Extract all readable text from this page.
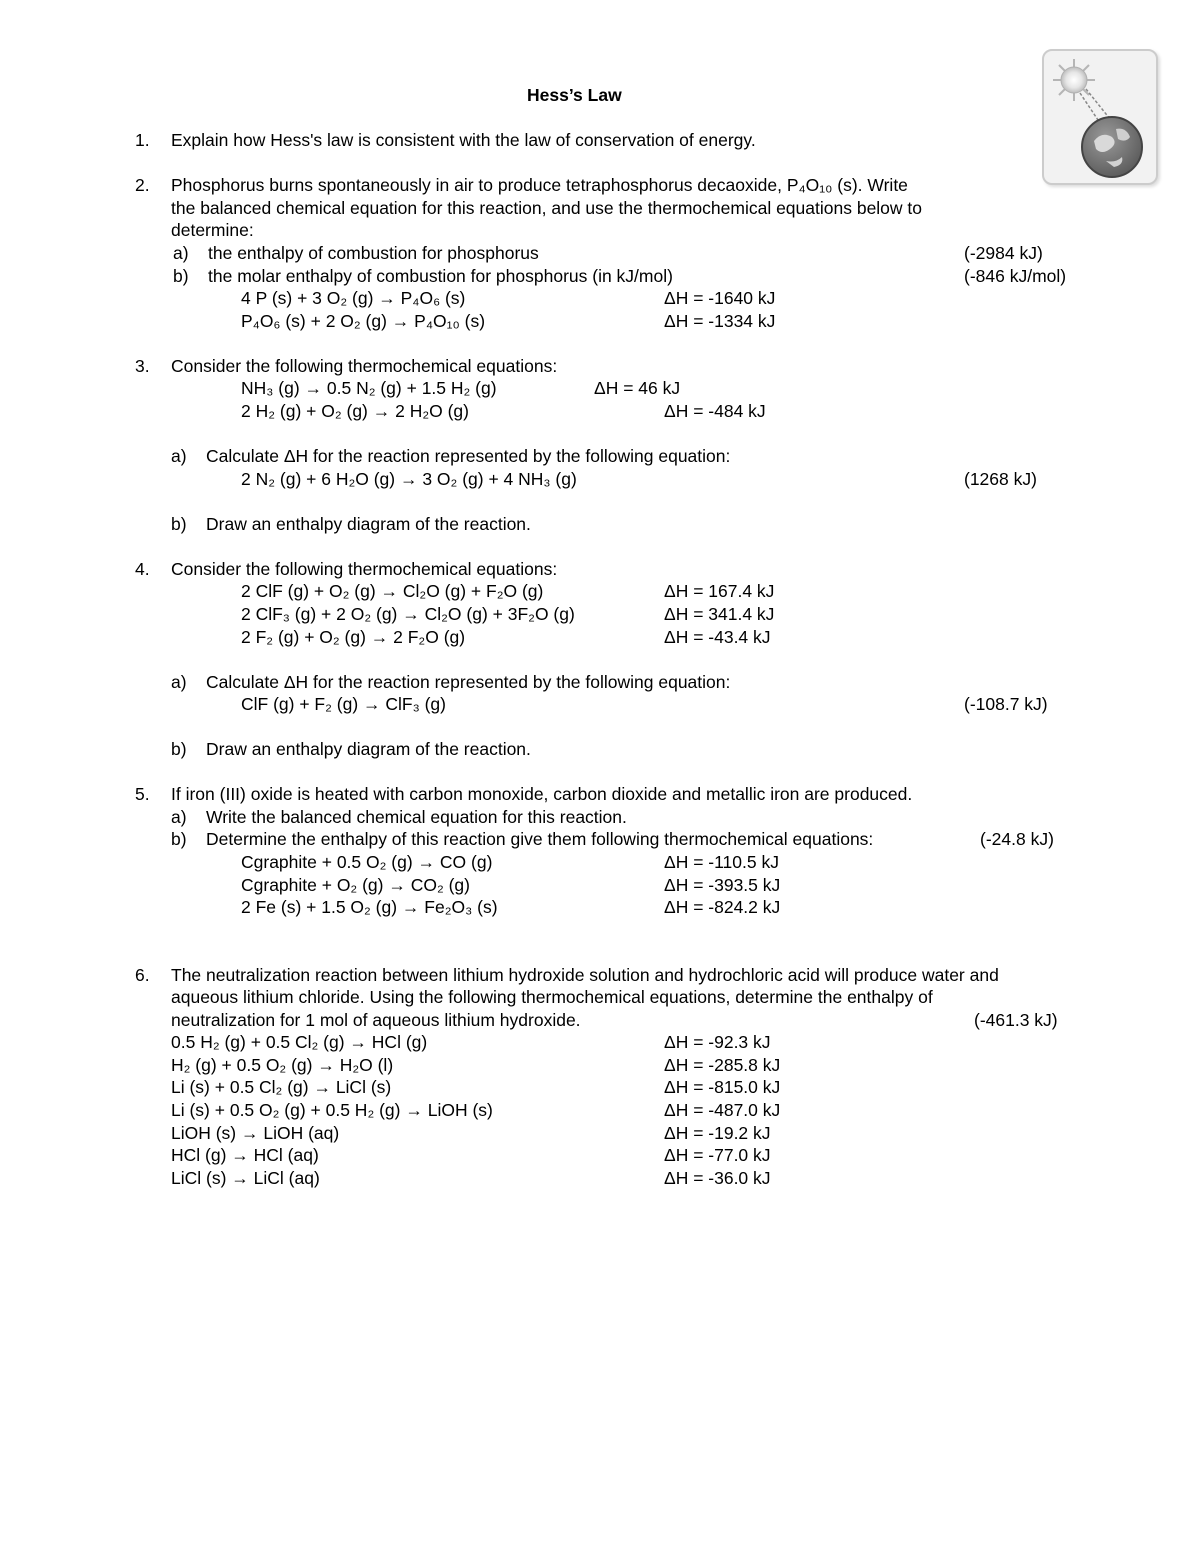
Hess’s Law
1. Explain how Hess's law is consistent with the law of conservation of energy.
2. Phosphorus burns spontaneously in air to produce tetraphosphorus decaoxide, P₄O₁₀ (s). Write
the balanced chemical equation for this reaction, and use the thermochemical equations below to
determine:
a) the enthalpy of combustion for phosphorus	(-2984 kJ)
b) the molar enthalpy of combustion for phosphorus (in kJ/mol)	(-846 kJ/mol)
4 P (s) + 3 O₂ (g) → P₄O₆ (s)	ΔH = -1640 kJ
P₄O₆ (s) + 2 O₂ (g) → P₄O₁₀ (s)	ΔH = -1334 kJ
3. Consider the following thermochemical equations:
NH₃ (g) → 0.5 N₂ (g) + 1.5 H₂ (g)	ΔH = 46 kJ
2 H₂ (g) + O₂ (g) → 2 H₂O (g)	ΔH = -484 kJ
a) Calculate ΔH for the reaction represented by the following equation:
2 N₂ (g) + 6 H₂O (g) → 3 O₂ (g) + 4 NH₃ (g)	(1268 kJ)
b) Draw an enthalpy diagram of the reaction.
4. Consider the following thermochemical equations:
2 ClF (g) + O₂ (g) → Cl₂O (g) + F₂O (g)	ΔH = 167.4 kJ
2 ClF₃ (g) + 2 O₂ (g) → Cl₂O (g) + 3F₂O (g)	ΔH = 341.4 kJ
2 F₂ (g) + O₂ (g) → 2 F₂O (g)	ΔH = -43.4 kJ
a) Calculate ΔH for the reaction represented by the following equation:
ClF (g) + F₂ (g) → ClF₃ (g)	(-108.7 kJ)
b) Draw an enthalpy diagram of the reaction.
5. If iron (III) oxide is heated with carbon monoxide, carbon dioxide and metallic iron are produced.
a) Write the balanced chemical equation for this reaction.
b) Determine the enthalpy of this reaction give them following thermochemical equations:	(-24.8 kJ)
Cgraphite + 0.5 O₂ (g) → CO (g)	ΔH = -110.5 kJ
Cgraphite + O₂ (g) → CO₂ (g)	ΔH = -393.5 kJ
2 Fe (s) + 1.5 O₂ (g) → Fe₂O₃ (s)	ΔH = -824.2 kJ
6. The neutralization reaction between lithium hydroxide solution and hydrochloric acid will produce water and
aqueous lithium chloride. Using the following thermochemical equations, determine the enthalpy of
neutralization for 1 mol of aqueous lithium hydroxide.	(-461.3 kJ)
0.5 H₂ (g) + 0.5 Cl₂ (g) → HCl (g)	ΔH = -92.3 kJ
H₂ (g) + 0.5 O₂ (g) → H₂O (l)	ΔH = -285.8 kJ
Li (s) + 0.5 Cl₂ (g) → LiCl (s)	ΔH = -815.0 kJ
Li (s) + 0.5 O₂ (g) + 0.5 H₂ (g) → LiOH (s)	ΔH = -487.0 kJ
LiOH (s) → LiOH (aq)	ΔH = -19.2 kJ
HCl (g) → HCl (aq)	ΔH = -77.0 kJ
LiCl (s) → LiCl (aq)	ΔH = -36.0 kJ
